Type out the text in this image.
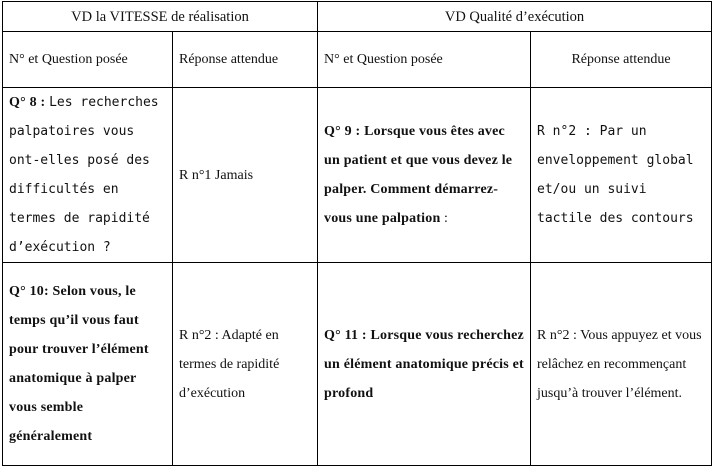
VD la VITESSE de réalisation		VD Qualité d’exécution	
N° et Question posée	Réponse attendue	N° et Question posée	Réponse attendue
Q° 8 : Les recherches palpatoires vous ont-elles posé des difficultés en termes de rapidité d’exécution ?	R n°1 Jamais	Q° 9 : Lorsque vous êtes avec un patient et que vous devez le palper. Comment démarrez-vous une palpation :	R n°2 : Par un enveloppement global et/ou un suivi tactile des contours
Q° 10: Selon vous, le temps qu’il vous faut pour trouver l’élément anatomique à palper vous semble généralement	R n°2 : Adapté en termes de rapidité d’exécution	Q° 11 : Lorsque vous recherchez un élément anatomique précis et profond	R n°2 : Vous appuyez et vous relâchez en recommençant jusqu’à trouver l’élément.
